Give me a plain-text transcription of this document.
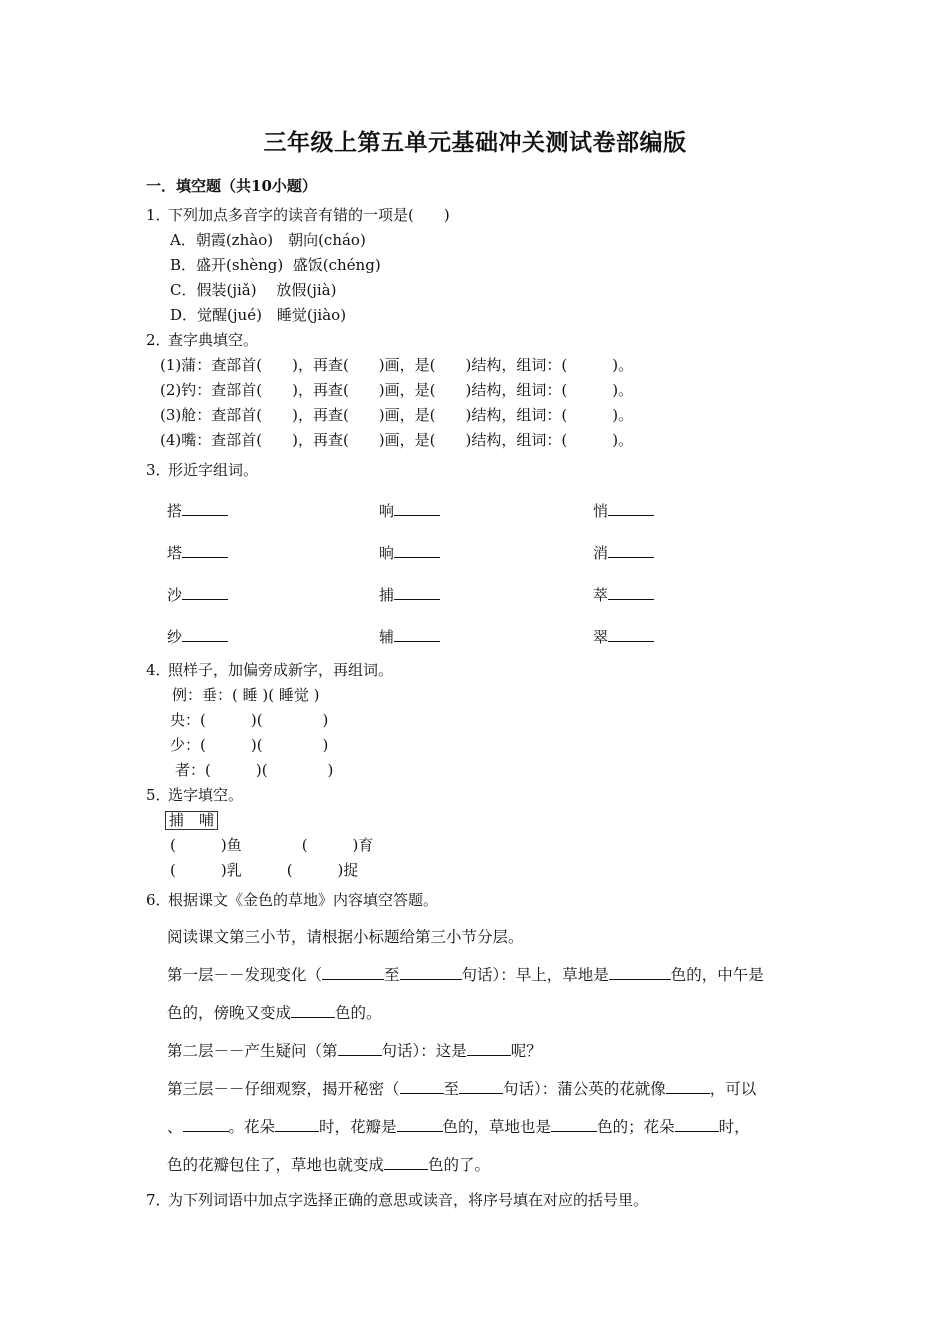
三年级上第五单元基础冲关测试卷部编版
一．填空题（共10小题）
1．
下列加点多音字的读音有错的一项是(　　)
A．朝霞(zhào)　朝向(cháo)
B．盛开(shèng)  盛饭(chéng)
C．假装(jiǎ)　 放假(jià)
D．觉醒(jué)　睡觉(jiào)
2．
查字典填空。
(1)蒲：查部首(　　)，再查(　　)画，是(　　)结构，组词：(　　　)。
(2)钓：查部首(　　)，再查(　　)画，是(　　)结构，组词：(　　　)。
(3)舱：查部首(　　)，再查(　　)画，是(　　)结构，组词：(　　　)。
(4)嘴：查部首(　　)，再查(　　)画，是(　　)结构，组词：(　　　)。
3．
形近字组词。
搭	响	悄
塔	晌	消
沙	捕	萃
纱	辅	翠
4．
照样子，加偏旁成新字，再组词。
例：垂：( 睡 )( 睡觉 )
央：(　　　)(　　　　)
少：(　　　)(　　　　)
者：(　　　)(　　　　)
5．
选字填空。
捕　哺
(　　　)鱼　　　　(　　　)育
(　　　)乳　　　(　　　)捉
6．
根据课文《金色的草地》内容填空答题。
阅读课文第三小节，请根据小标题给第三小节分层。
第一层－－发现变化（	至	句话）：早上，草地是	色的，中午是
色的，傍晚又变成	色的。
第二层－－产生疑问（第	句话）：这是	呢？
第三层－－仔细观察，揭开秘密（	至	句话）：蒲公英的花就像	，可以
、	。花朵	时，花瓣是	色的，草地也是	色的；花朵	时，
色的花瓣包住了，草地也就变成	色的了。
7．
为下列词语中加点字选择正确的意思或读音，将序号填在对应的括号里。
